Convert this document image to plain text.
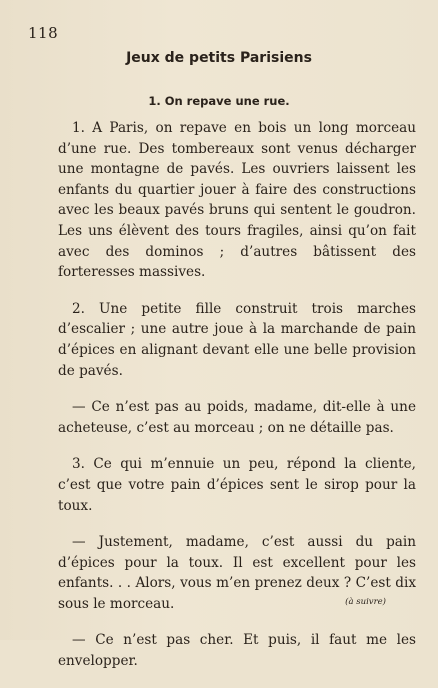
118
Jeux de petits Parisiens
1. On repave une rue.

1. A Paris, on repave en bois un long morceau d’une rue. Des tombereaux sont venus décharger une montagne de pavés. Les ouvriers laissent les enfants du quartier jouer à faire des constructions avec les beaux pavés bruns qui sentent le goudron. Les uns élèvent des tours fragiles, ainsi qu’on fait avec des dominos ; d’autres bâtissent des forteresses massives.

2. Une petite fille construit trois marches d’escalier ; une autre joue à la marchande de pain d’épices en alignant devant elle une belle provision de pavés.

— Ce n’est pas au poids, madame, dit-elle à une acheteuse, c’est au morceau ; on ne détaille pas.

3. Ce qui m’ennuie un peu, répond la cliente, c’est que votre pain d’épices sent le sirop pour la toux.

— Justement, madame, c’est aussi du pain d’épices pour la toux. Il est excellent pour les enfants. . . Alors, vous m’en prenez deux ? C’est dix sous le morceau.

— Ce n’est pas cher. Et puis, il faut me les envelopper.

(à suivre)
